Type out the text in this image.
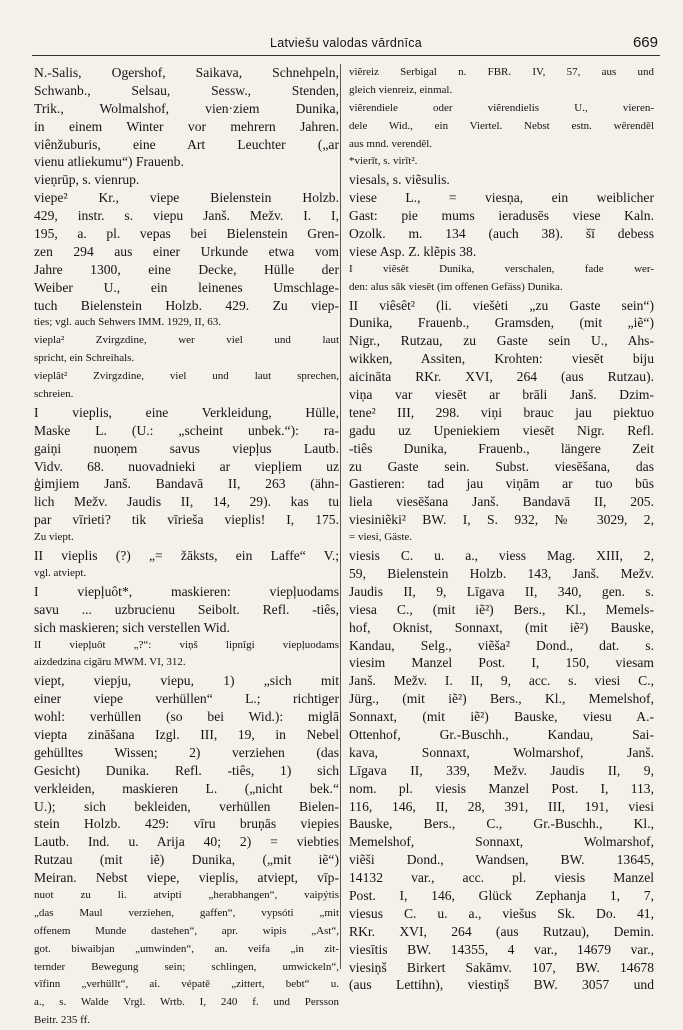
Latviešu valodas vārdnīca	669
N.-Salis, Ogershof, Saikava, Schnehpeln,
Schwanb., Selsau, Sessw., Stenden,
Trik., Wolmalshof, vien·ziem Dunika,
in einem Winter vor mehrern Jahren.
viênžuburis, eine Art Leuchter („ar
vienu atliekumu“) Frauenb.
vieņrūp, s. vienrup.
viepe² Kr., viepe Bielenstein Holzb.
429, instr. s. viepu Janš. Mežv. I. I,
195, a. pl. vepas bei Bielenstein Gren-
zen 294 aus einer Urkunde etwa vom
Jahre 1300, eine Decke, Hülle der
Weiber U., ein leinenes Umschlage-
tuch Bielenstein Holzb. 429. Zu viep-
ties; vgl. auch Sehwers IMM. 1929, II, 63.
viepla² Zvirgzdine, wer viel und laut
spricht, ein Schreihals.
vieplât² Zvirgzdine, viel und laut sprechen,
schreien.
I vieplis, eine Verkleidung, Hülle,
Maske L. (U.: „scheint unbek.“): ra-
gaiņi nuoņem savus viepļus Lautb.
Vidv. 68. nuovadnieki ar viepļiem uz
ģimjiem Janš. Bandavā II, 263 (ähn-
lich Mežv. Jaudis II, 14, 29). kas tu
par vīrieti? tik vīrieša vieplis! I, 175.
Zu viept.
II vieplis (?) „= žāksts, ein Laffe“ V.;
vgl. atviept.
I viepļuôt*, maskieren: viepļuodams
savu ... uzbrucienu Seibolt. Refl. -tiês,
sich maskieren; sich verstellen Wid.
II viepļuôt „?“: viņš lipnīgi viepļuodams
aizdedzina cigāru MWM. VI, 312.
viept, viepju, viepu, 1) „sich mit
einer viepe verhüllen“ L.; richtiger
wohl: verhüllen (so bei Wid.): miglā
viepta zināšana Izgl. III, 19, in Nebel
gehülltes Wissen; 2) verziehen (das
Gesicht) Dunika. Refl. -tiês, 1) sich
verkleiden, maskieren L. („nicht bek.“
U.); sich bekleiden, verhüllen Bielen-
stein Holzb. 429: vīru bruņās viepies
Lautb. Ind. u. Arija 40; 2) = viebties
Rutzau (mit iẽ) Dunika, („mit iẽ“)
Meiran. Nebst viepe, vieplis, atviept, vīp-
nuot zu li. atvipti „herabhangen“, vaipýtis
„das Maul verziehen, gaffen“, vypsóti „mit
offenem Munde dastehen“, apr. wipis „Ast“,
got. biwaibjan „umwinden“, an. veifa „in zit-
ternder Bewegung sein; schlingen, umwickeln“,
vīfinn „verhüllt“, ai. vépatē „zittert, bebt“ u.
a., s. Walde Vrgl. Wrtb. I, 240 f. und Persson
Beitr. 235 ff.
viẽreiz Serbigal n. FBR. IV, 57, aus und
gleich vienreiz, einmal.
viẽrendiele oder viẽrendielis U., vieren-
dele Wid., ein Viertel. Nebst estn. wērendēl
aus mnd. verendêl.
*vierīt, s. virīt².
viesals, s. viẽsulis.
viese L., = viesņa, ein weiblicher
Gast: pie mums ieradusēs viese Kaln.
Ozolk. m. 134 (auch 38). šī debess
viese Asp. Z. klẽpis 38.
I viẽsêt Dunika, verschalen, fade wer-
den: alus sāk viesēt (im offenen Gefäss) Dunika.
II viêsêt² (li. viešėti „zu Gaste sein“)
Dunika, Frauenb., Gramsden, (mit „iẽ“)
Nigr., Rutzau, zu Gaste sein U., Ahs-
wikken, Assiten, Krohten: viesēt biju
aicināta RKr. XVI, 264 (aus Rutzau).
viņa var viesēt ar brāli Janš. Dzim-
tene² III, 298. viņi brauc jau piektuo
gadu uz Upeniekiem viesēt Nigr. Refl.
-tiês Dunika, Frauenb., längere Zeit
zu Gaste sein. Subst. viesēšana, das
Gastieren: tad jau viņām ar tuo būs
liela viesēšana Janš. Bandavā II, 205.
viesiniẽki² BW. I, S. 932, № 3029, 2,
= viesi, Gäste.
viesis C. u. a., viess Mag. XIII, 2,
59, Bielenstein Holzb. 143, Janš. Mežv.
Jaudis II, 9, Līgava II, 340, gen. s.
viesa C., (mit iẽ²) Bers., Kl., Memels-
hof, Oknist, Sonnaxt, (mit iẽ²) Bauske,
Kandau, Selg., viẽša² Dond., dat. s.
viesim Manzel Post. I, 150, viesam
Janš. Mežv. I. II, 9, acc. s. viesi C.,
Jürg., (mit iẽ²) Bers., Kl., Memelshof,
Sonnaxt, (mit iẽ²) Bauske, viesu A.-
Ottenhof, Gr.-Buschh., Kandau, Sai-
kava, Sonnaxt, Wolmarshof, Janš.
Līgava II, 339, Mežv. Jaudis II, 9,
nom. pl. viesis Manzel Post. I, 113,
116, 146, II, 28, 391, III, 191, viesi
Bauske, Bers., C., Gr.-Buschh., Kl.,
Memelshof, Sonnaxt, Wolmarshof,
viẽši Dond., Wandsen, BW. 13645,
14132 var., acc. pl. viesis Manzel
Post. I, 146, Glück Zephanja 1, 7,
viesus C. u. a., viešus Sk. Do. 41,
RKr. XVI, 264 (aus Rutzau), Demin.
viesītis BW. 14355, 4 var., 14679 var.,
viesiņš Birkert Sakāmv. 107, BW. 14678
(aus Lettihn), viestiņš BW. 3057 und
